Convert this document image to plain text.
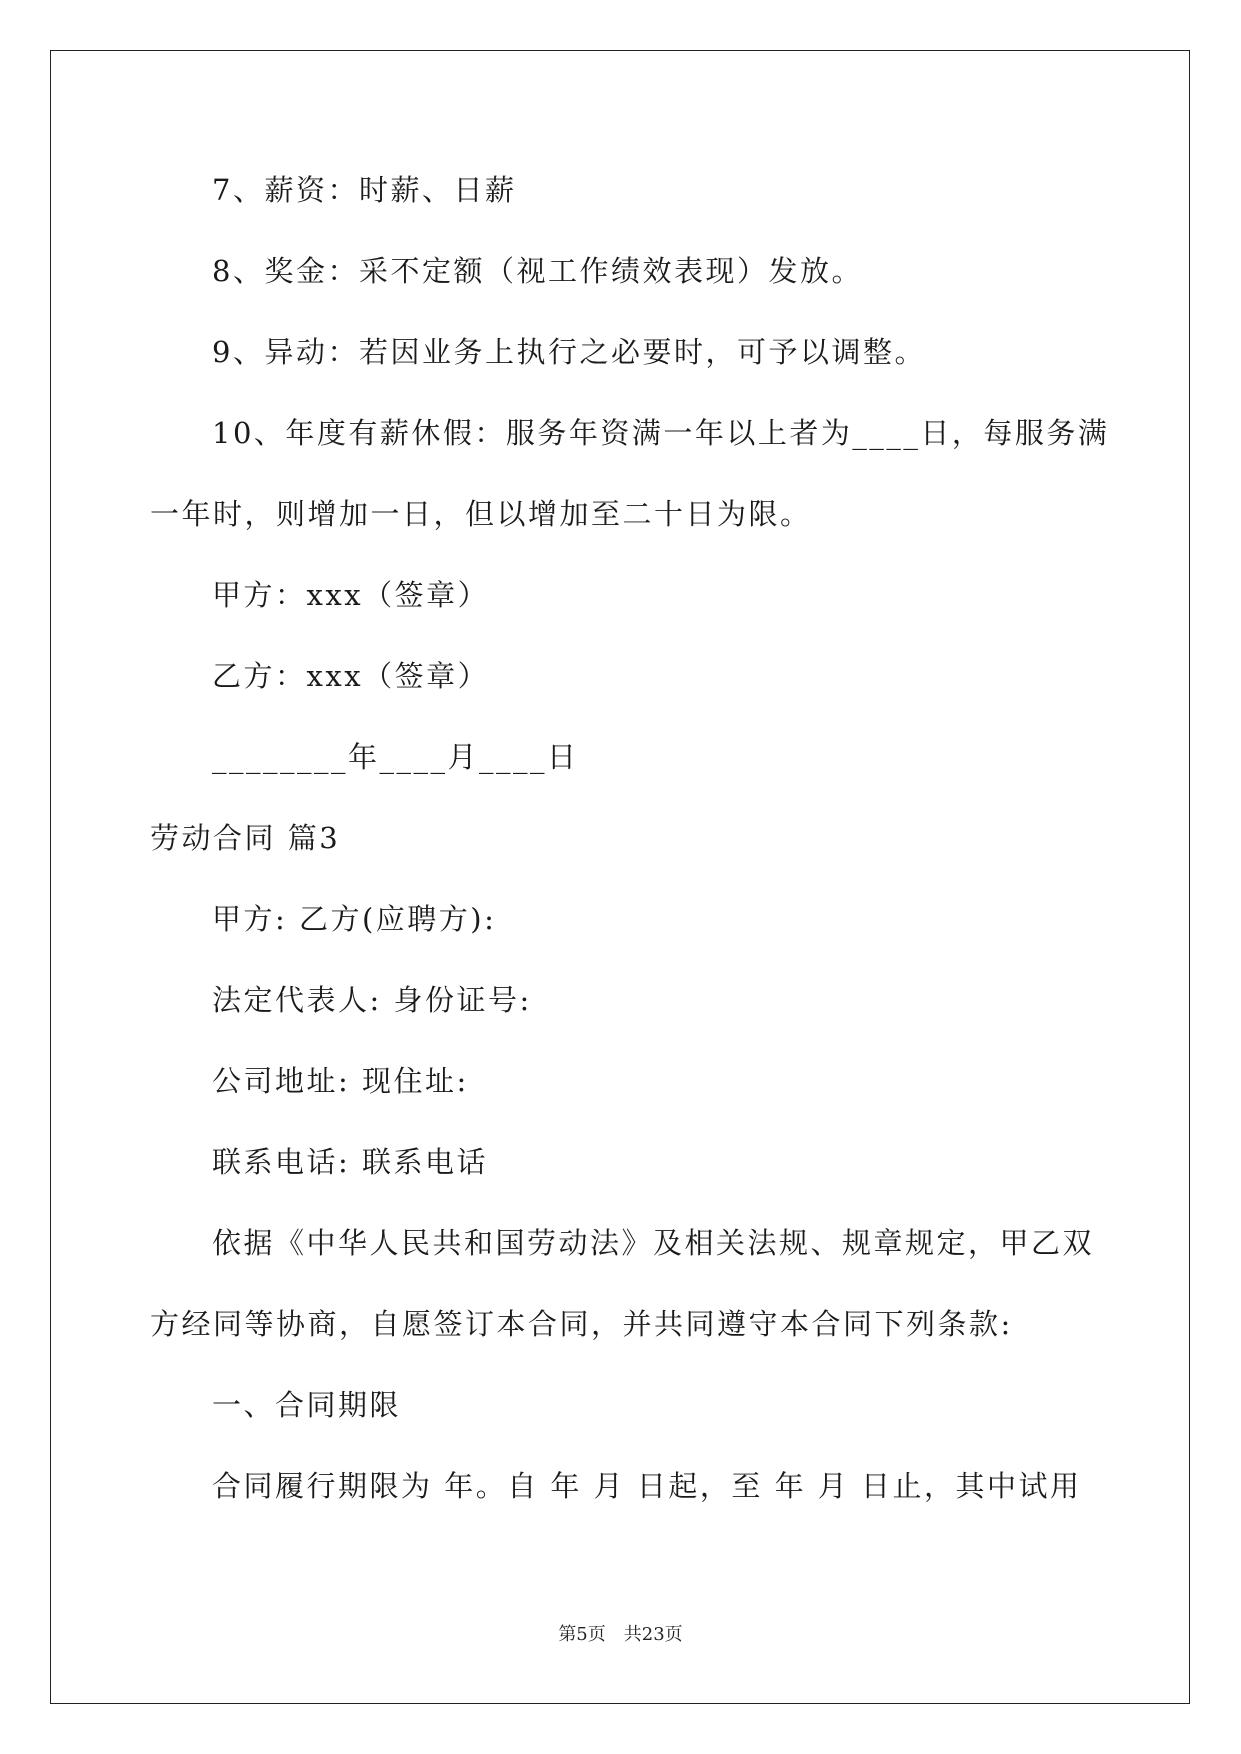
7、薪资：时薪、日薪

8、奖金：采不定额（视工作绩效表现）发放。

9、异动：若因业务上执行之必要时，可予以调整。

10、年度有薪休假：服务年资满一年以上者为____日，每服务满

一年时，则增加一日，但以增加至二十日为限。

甲方：xxx（签章）

乙方：xxx（签章）

________年____月____日

劳动合同 篇3

甲方: 乙方(应聘方):

法定代表人: 身份证号:

公司地址: 现住址:

联系电话: 联系电话

依据《中华人民共和国劳动法》及相关法规、规章规定，甲乙双

方经同等协商，自愿签订本合同，并共同遵守本合同下列条款:

一、合同期限

合同履行期限为 年。自 年 月 日起，至 年 月 日止，其中试用

第5页　共23页
